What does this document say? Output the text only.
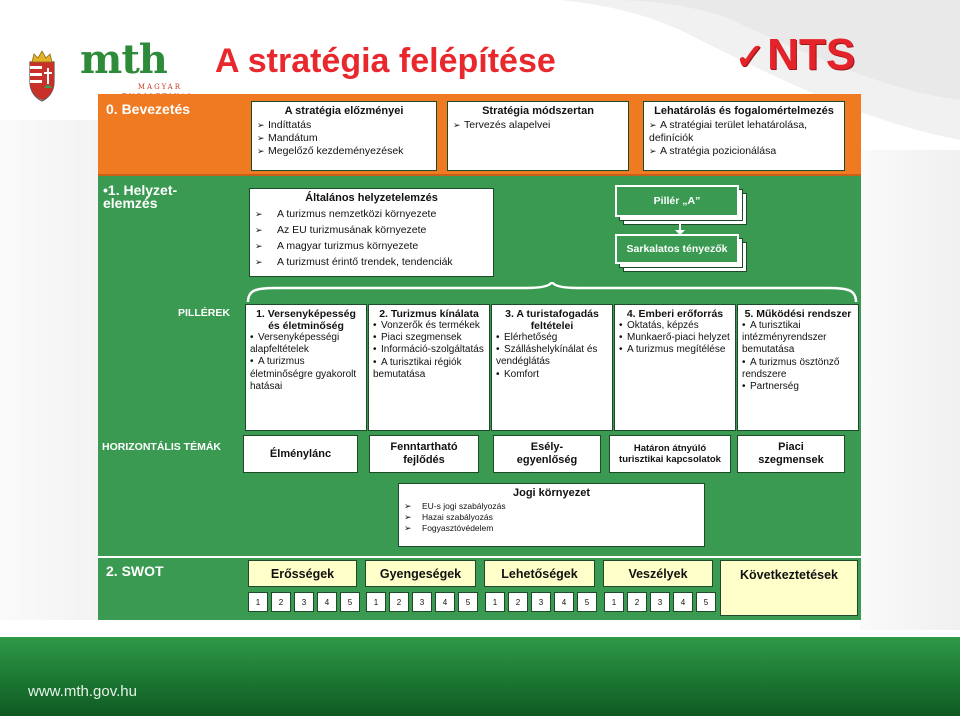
mth
MAGYAR
A stratégia felépítése	✓NTS
0. Bevezetés	A stratégia előzményei
➢ Indíttatás
➢ Mandátum
➢ Megelőző kezdeményezések
Stratégia módszertan
➢ Tervezés alapelvei
Lehatárolás és fogalomértelmezés
➢ A stratégiai terület lehatárolása,
definíciók
➢ A stratégia pozicionálása
•1. Helyzet-elemzés	Általános helyzetelemzés
➢ A turizmus nemzetközi környezete
➢ Az EU turizmusának környezete
➢ A magyar turizmus környezete
➢ A turizmust érintő trendek, tendenciák
Pillér „A”
Sarkalatos tényezők
PILLÉREK	1. Versenyképesség és életminőség
• Versenyképességi alapfeltételek
• A turizmus életminőségre gyakorolt hatásai
2. Turizmus kínálata
• Vonzerők és termékek
• Piaci szegmensek
• Információ-szolgáltatás
• A turisztikai régiók bemutatása
3. A turistafogadás feltételei
• Elérhetőség
• Szálláshelykínálat és vendéglátás
• Komfort
4. Emberi erőforrás
• Oktatás, képzés
• Munkaerő-piaci helyzet
• A turizmus megítélése
5. Működési rendszer
• A turisztikai intézményrendszer bemutatása
• A turizmus ösztönző rendszere
• Partnerség
HORIZONTÁLIS TÉMÁK
Élménylánc
Fenntartható fejlődés
Esély-egyenlőség
Határon átnyúló turisztikai kapcsolatok
Piaci szegmensek
Jogi környezet
➢ EU-s jogi szabályozás
➢ Hazai szabályozás
➢ Fogyasztóvédelem
2. SWOT	Erősségek	Gyengeségek	Lehetőségek	Veszélyek	Következtetések
1	2	3	4	5	1	2	3	4	5	1	2	3	4	5	1	2	3	4	5
www.mth.gov.hu
